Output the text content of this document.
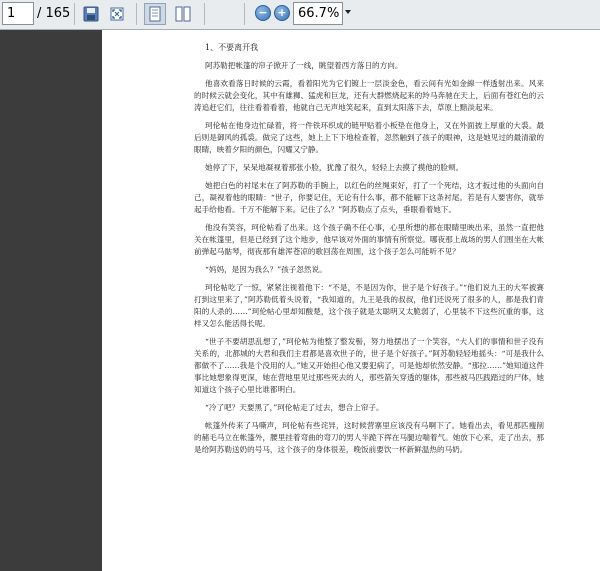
1	/ 165	− + 66.7%
1、不要离开我

阿苏勒把帐篷的帘子掀开了一线，眺望着西方落日的方向。

他喜欢看落日时候的云霞，看着阳光为它们镀上一层淡金色，看云间有光如金線一样透射出来。风来的时候云就会变化，其中有雄狮、猛虎和巨龙，还有大群燃烧起来的羚马奔驰在天上，后面有苍红色的云涛追赶它们，往往看着看着，他就自己无声地笑起来，直到太阳落下去，草原上黯淡起来。

珂伦帖在他身边忙碌着，将一件铁环织成的链甲贴着小板垫在他身上，又在外面披上厚重的大裘。最后则是御风的孤裘。做完了这些，她上上下下地检查着，忽然触到了孩子的眼神，这是她见过的最清澈的眼睛，映着夕阳的颜色，闪耀又宁静。

她停了下，呆呆地凝视着那张小脸，犹豫了很久，轻轻上去摸了摸他的脸颊。

她把白色的衬尾末在了阿苏勒的手腕上，以红色的丝绳束好，打了一个死结，这才扳过他的头面向自己，凝视着他的眼睛：“世子，你要记住，无论有什么事，都不能解下这条衬尾。若是有人要害你，就举起手给他看。千万不能解下来。记住了么？”阿苏勒点了点头，垂眼看着她下。

他没有笑容，珂伦帖看了出来。这个孩子确不任心事，心里所想的都在眼睛里映出来，虽然一直把他关在帐篷里，但是已经到了这个地步，他早该对外面的事情有所察觉。哪夜那上战场的男人们围坐在大帐前弹起马骷琴，彻夜那有雄浑苍凉的歌回荡在周围，这个孩子怎么可能听不见？

“妈妈，是因为我么？”孩子忽然说。

珂伦帖吃了一惊，紧紧注视着他下：“不是，不是因为你，世子是个好孩子。”“他们说九王的大军被赛打到这里来了，”阿苏勒低着头说着，“我知道的，九王是我的叔叔，他们还说死了很多的人，都是我们青阳的人杀的……”珂伦帖心里却知酸楚，这个孩子就是太聪明又太脆弱了，心里装不下这些沉重的事，这样又怎么能活得长呢。

“世子不要胡思乱想了，”珂伦帖为他整了整发髻，努力地摆出了一个笑容，“大人们的事情和世子没有关系的，北都城的大君和我们主君都是喜欢世子的，世子是个好孩子。”阿苏勒轻轻地摇头：“可是我什么都做不了……我是个没用的人。”她又开始担心他又要犯病了，可是他却依然安静。“那拉……”她知道这件事比她想象得更深，她在营地里见过那些死去的人，那些箭矢穿透的躯体，那些被马匹践踏过的尸体，她知道这个孩子心里比谁都明白。

“冷了吧？天要黑了，”珂伦帖走了过去，想合上帘子。

帐篷外传来了马嘶声，珂伦帖有些诧异，这时候营寨里应该没有马啊下了。她看出去，看见那匹瘦削的赭毛马立在帐篷外，腰里挂着弯曲的弯刀的男人半跪下挥在马腿边喘着气。她放下心来，走了出去，那是给阿苏勒送奶的号马，这个孩子的身体很差，晚饭前要饮一杯新鲜温热的马奶。
